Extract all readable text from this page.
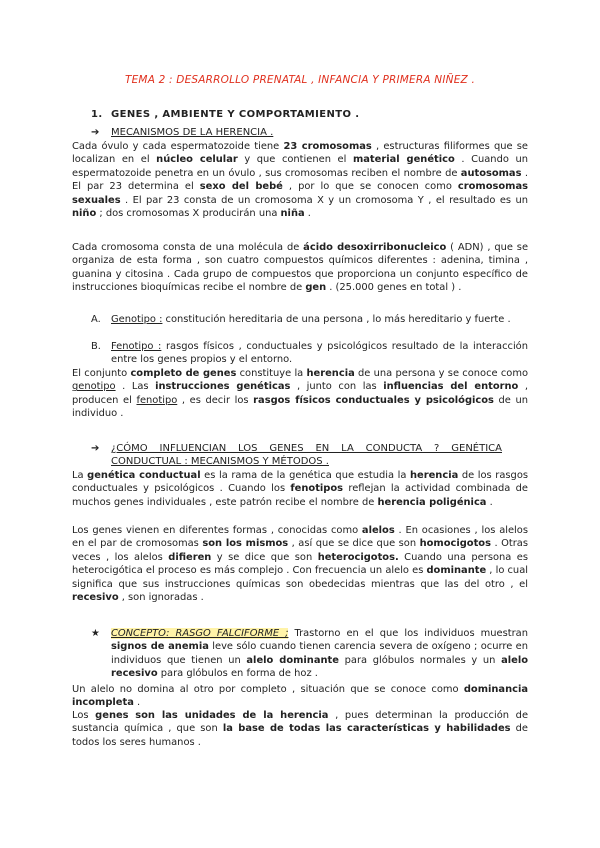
TEMA 2 : DESARROLLO PRENATAL , INFANCIA Y PRIMERA NIÑEZ .
1. GENES , AMBIENTE Y COMPORTAMIENTO .
➔ MECANISMOS DE LA HERENCIA .

Cada óvulo y cada espermatozoide tiene 23 cromosomas , estructuras filiformes que se localizan en el núcleo celular y que contienen el material genético . Cuando un espermatozoide penetra en un óvulo , sus cromosomas reciben el nombre de autosomas . El par 23 determina el sexo del bebé , por lo que se conocen como cromosomas sexuales . El par 23 consta de un cromosoma X y un cromosoma Y , el resultado es un niño ; dos cromosomas X producirán una niña .

Cada cromosoma consta de una molécula de ácido desoxirribonucleico ( ADN) , que se organiza de esta forma , son cuatro compuestos químicos diferentes : adenina, timina , guanina y citosina . Cada grupo de compuestos que proporciona un conjunto específico de instrucciones bioquímicas recibe el nombre de gen . (25.000 genes en total ) .

A.	Genotipo : constitución hereditaria de una persona , lo más hereditario y fuerte .
B.	Fenotipo : rasgos físicos , conductuales y psicológicos resultado de la interacción entre los genes propios y el entorno.

El conjunto completo de genes constituye la herencia de una persona y se conoce como genotipo . Las instrucciones genéticas , junto con las influencias del entorno , producen el fenotipo , es decir los rasgos físicos conductuales y psicológicos de un individuo .

➔ ¿CÓMO INFLUENCIAN LOS GENES EN LA CONDUCTA ? GENÉTICA CONDUCTUAL : MECANISMOS Y MÉTODOS .

La genética conductual es la rama de la genética que estudia la herencia de los rasgos conductuales y psicológicos . Cuando los fenotipos reflejan la actividad combinada de muchos genes individuales , este patrón recibe el nombre de herencia poligénica .

Los genes vienen en diferentes formas , conocidas como alelos . En ocasiones , los alelos en el par de cromosomas son los mismos , así que se dice que son homocigotos . Otras veces , los alelos difieren y se dice que son heterocigotos. Cuando una persona es heterocigótica el proceso es más complejo . Con frecuencia un alelo es dominante , lo cual significa que sus instrucciones químicas son obedecidas mientras que las del otro , el recesivo , son ignoradas .

★	CONCEPTO: RASGO FALCIFORME ; Trastorno en el que los individuos muestran signos de anemia leve sólo cuando tienen carencia severa de oxígeno ; ocurre en individuos que tienen un alelo dominante para glóbulos normales y un alelo recesivo para glóbulos en forma de hoz .

Un alelo no domina al otro por completo , situación que se conoce como dominancia incompleta .

Los genes son las unidades de la herencia , pues determinan la producción de sustancia química , que son la base de todas las características y habilidades de todos los seres humanos .
